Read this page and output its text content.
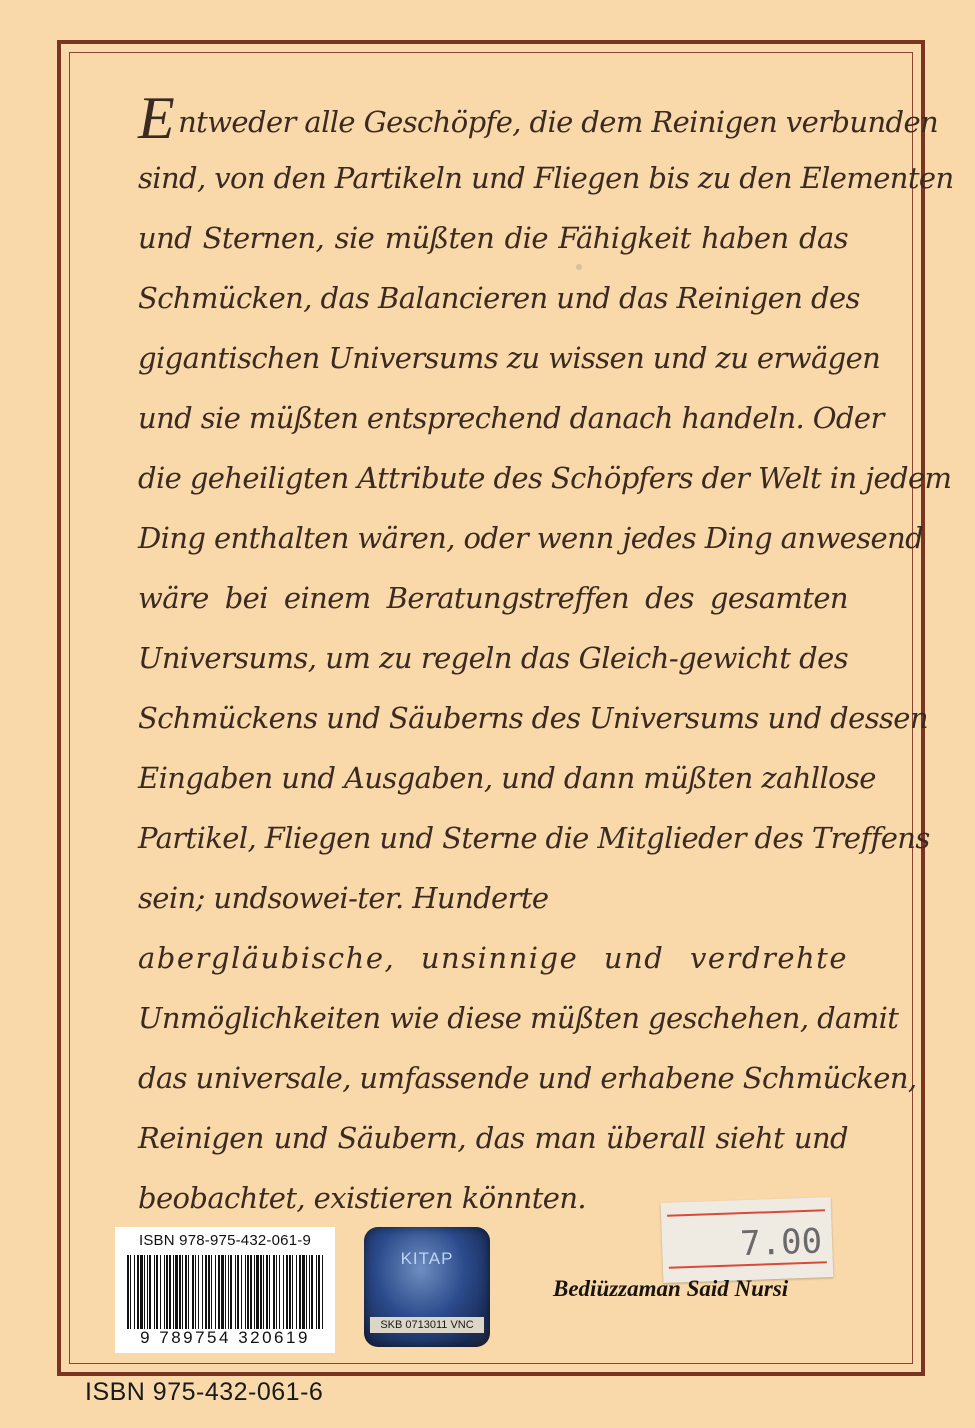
Entweder alle Geschöpfe, die dem Reinigen verbunden
sind, von den Partikeln und Fliegen bis zu den Elementen
und Sternen, sie müßten die Fähigkeit haben das
Schmücken, das Balancieren und das Reinigen des
gigantischen Universums zu wissen und zu erwägen
und sie müßten entsprechend danach handeln. Oder
die geheiligten Attribute des Schöpfers der Welt in jedem
Ding enthalten wären, oder wenn jedes Ding anwesend
wäre bei einem Beratungstreffen des gesamten
Universums, um zu regeln das Gleich-gewicht des
Schmückens und Säuberns des Universums und dessen
Eingaben und Ausgaben, und dann müßten zahllose
Partikel, Fliegen und Sterne die Mitglieder des Treffens
sein; undsowei-ter. Hunderte
abergläubische, unsinnige und verdrehte
Unmöglichkeiten wie diese müßten geschehen, damit
das universale, umfassende und erhabene Schmücken,
Reinigen und Säubern, das man überall sieht und
beobachtet, existieren könnten.
ISBN 978-975-432-061-9
9 789754 320619
KITAP
SKB 0713011 VNC
7.00
Bediüzzaman Said Nursi
ISBN 975-432-061-6
